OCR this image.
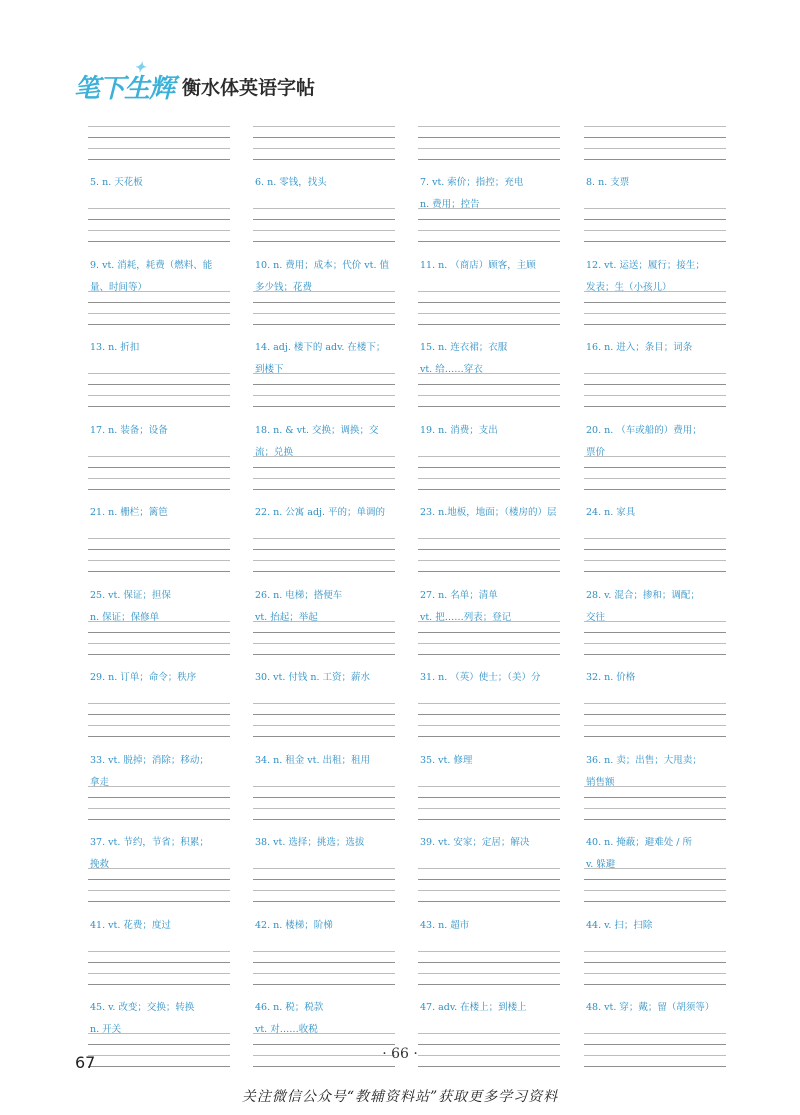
笔下生辉
✦
衡水体英语字帖
5. n. 天花板	6. n. 零钱，找头	7. vt. 索价；指控；充电
n. 费用；控告
8. n. 支票
9. vt. 消耗，耗费（燃料、能
量、时间等）
10. n. 费用；成本；代价 vt. 值
多少钱；花费
11. n. （商店）顾客，主顾	12. vt. 运送；履行；接生；
发表；生（小孩儿）
13. n. 折扣	14. adj. 楼下的 adv. 在楼下；
到楼下
15. n. 连衣裙；衣服
vt. 给……穿衣
16. n. 进入；条目；词条
17. n. 装备；设备	18. n. & vt. 交换；调换；交
流；兑换
19. n. 消费；支出	20. n. （车或船的）费用；
票价
21. n. 栅栏；篱笆	22. n. 公寓 adj. 平的；单调的	23. n.地板，地面；（楼房的）层	24. n. 家具
25. vt. 保证；担保
n. 保证；保修单
26. n. 电梯；搭便车
vt. 抬起；举起
27. n. 名单；清单
vt. 把……列表；登记
28. v. 混合；掺和；调配；
交往
29. n. 订单；命令；秩序	30. vt. 付钱 n. 工资；薪水	31. n. （英）使士；（美）分	32. n. 价格
33. vt. 脱掉；消除；移动；
拿走
34. n. 租金 vt. 出租；租用	35. vt. 修理	36. n. 卖；出售；大甩卖；
销售额
37. vt. 节约，节省；积累；
挽救
38. vt. 选择；挑选；选拔	39. vt. 安家；定居；解决	40. n. 掩蔽；避难处 / 所
v. 躲避
41. vt. 花费；度过	42. n. 楼梯；阶梯	43. n. 超市	44. v. 扫；扫除
45. v. 改变；交换；转换
n. 开关
46. n. 税；税款
vt. 对……收税
47. adv. 在楼上；到楼上	48. vt. 穿；戴；留（胡须等）
67	· 66 ·
关注微信公众号“教辅资料站”获取更多学习资料
